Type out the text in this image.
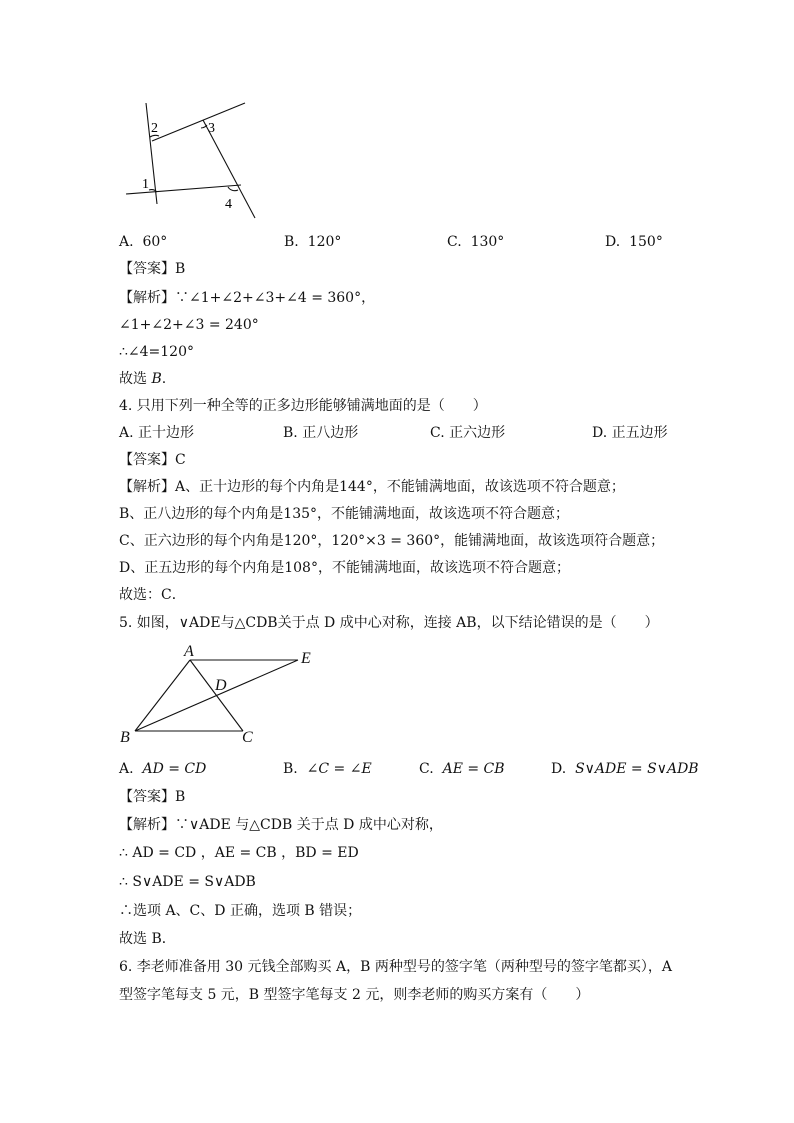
1
2	3
4
A. 60°	B. 120°	C. 130°	D. 150°
【答案】B
【解析】∵∠1+∠2+∠3+∠4 = 360°，
∠1+∠2+∠3 = 240°
∴∠4=120°
故选 B.
4. 只用下列一种全等的正多边形能够铺满地面的是（　　）
A. 正十边形	B. 正八边形	C. 正六边形	D. 正五边形
【答案】C
【解析】A、正十边形的每个内角是144°，不能铺满地面，故该选项不符合题意；
B、正八边形的每个内角是135°，不能铺满地面，故该选项不符合题意；
C、正六边形的每个内角是120°，120°×3 = 360°，能铺满地面，故该选项符合题意；
D、正五边形的每个内角是108°，不能铺满地面，故该选项不符合题意；
故选：C．
5. 如图，∨ADE与△CDB关于点 D 成中心对称，连接 AB，以下结论错误的是（　　）
A	E
D
B	C
A. AD = CD	B. ∠C = ∠E	C. AE = CB	D. S∨ADE = S∨ADB
【答案】B
【解析】∵∨ADE 与△CDB 关于点 D 成中心对称，
∴ AD = CD ，AE = CB ，BD = ED
∴ S∨ADE = S∨ADB
∴选项 A、C、D 正确，选项 B 错误；
故选 B．
6. 李老师准备用 30 元钱全部购买 A，B 两种型号的签字笔（两种型号的签字笔都买），A
型签字笔每支 5 元，B 型签字笔每支 2 元，则李老师的购买方案有（　　）
